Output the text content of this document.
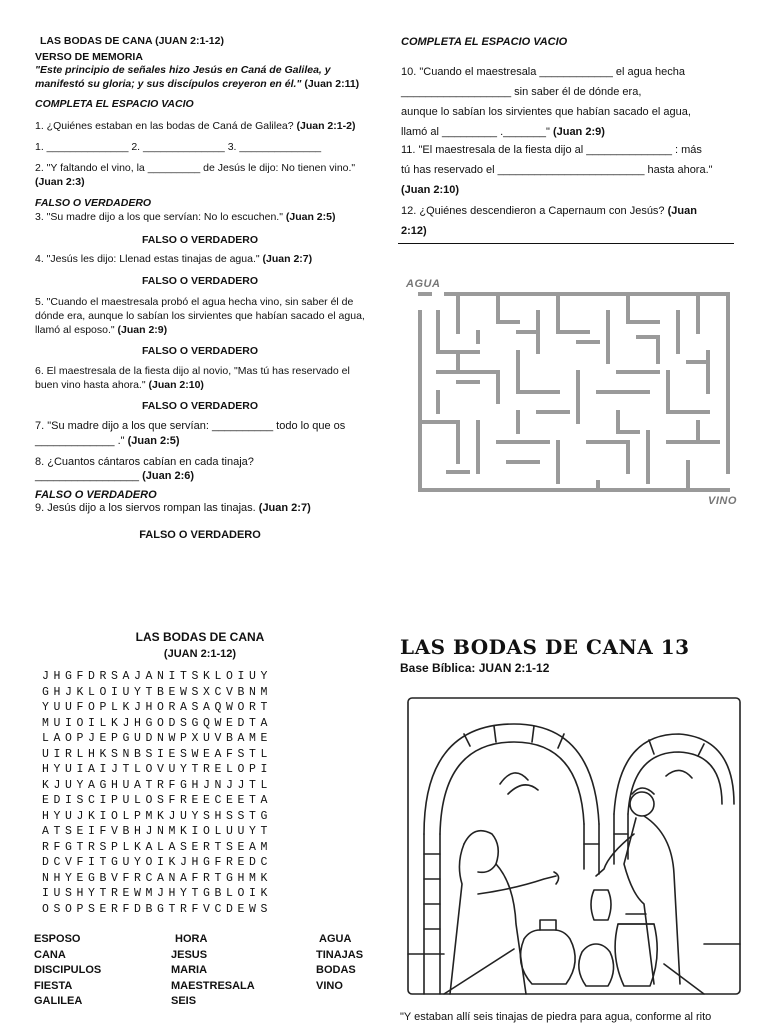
LAS BODAS DE CANA (JUAN 2:1-12)
VERSO DE MEMORIA
"Este principio de señales hizo Jesús en Caná de Galilea, y manifestó su gloria; y sus discípulos creyeron en él." (Juan 2:11)
COMPLETA EL ESPACIO VACIO
1. ¿Quiénes estaban en las bodas de Caná de Galilea? (Juan 2:1-2)
1. ______________ 2. ______________ 3. ______________
2. "Y faltando el vino, la _________ de Jesús le dijo: No tienen vino." (Juan 2:3)
FALSO O VERDADERO
3. "Su madre dijo a los que servían: No lo escuchen." (Juan 2:5)
FALSO O VERDADERO
4. "Jesús les dijo: Llenad estas tinajas de agua." (Juan 2:7)
FALSO O VERDADERO
5. "Cuando el maestresala probó el agua hecha vino, sin saber él de dónde era, aunque lo sabían los sirvientes que habían sacado el agua, llamó al esposo." (Juan 2:9)
FALSO O VERDADERO
6. El maestresala de la fiesta dijo al novio, "Mas tú has reservado el buen vino hasta ahora." (Juan 2:10)
FALSO O VERDADERO
7. "Su madre dijo a los que servían: __________ todo lo que os _____________ ." (Juan 2:5)
8. ¿Cuantos cántaros cabían en cada tinaja?
_________________ (Juan 2:6)
FALSO O VERDADERO
9. Jesús dijo a los siervos rompan las tinajas. (Juan 2:7)
FALSO O VERDADERO
COMPLETA EL ESPACIO VACIO
10. "Cuando el maestresala ____________ el agua hecha
__________________ sin saber él de dónde era,
aunque lo sabían los sirvientes que habían sacado el agua,
llamó al _________ ._______" (Juan 2:9)
11. "El maestresala de la fiesta dijo al ______________ : más
tú has reservado el ________________________ hasta ahora."
(Juan 2:10)
12. ¿Quiénes descendieron a Capernaum con Jesús? (Juan
2:12)
AGUA
VINO
LAS BODAS DE CANA
(JUAN 2:1-12)
JHGFDRSAJANITSKLOIUY
GHJKLOIUYTBEWSXCVBNM
YUUFOPLKJHORASAQWORT
MUIOILKJHGODSGQWEDTA
LAOPJEPGUDNWPXUVBAME
UIRLHKSNBSIESWEAFSTL
HYUIAIJTLOVUYTRELOPI
KJUYAGHUATRFGHJNJJTL
EDISCIPULOSFREECEETA
HYUJKIOLPMKJUYSHSSTG
ATSEIFVBHJNMKIOLUUYT
RFGTRSPLKALASERTSEAM
DCVFITGUYOIKJHGFREDC
NHYEGBVFRCANAFRTGHMK
IUSHYTREWMJHYTGBLOIK
OSOPSERFDBGTRFVCDEWS
ESPOSO
CANA
DISCIPULOS
FIESTA
GALILEA
HORA
JESUS
MARIA
MAESTRESALA
SEIS
AGUA
TINAJAS
BODAS
VINO
LAS BODAS DE CANA 13
Base Bíblica: JUAN 2:1-12
"Y estaban allí seis tinajas de piedra para agua, conforme al rito
